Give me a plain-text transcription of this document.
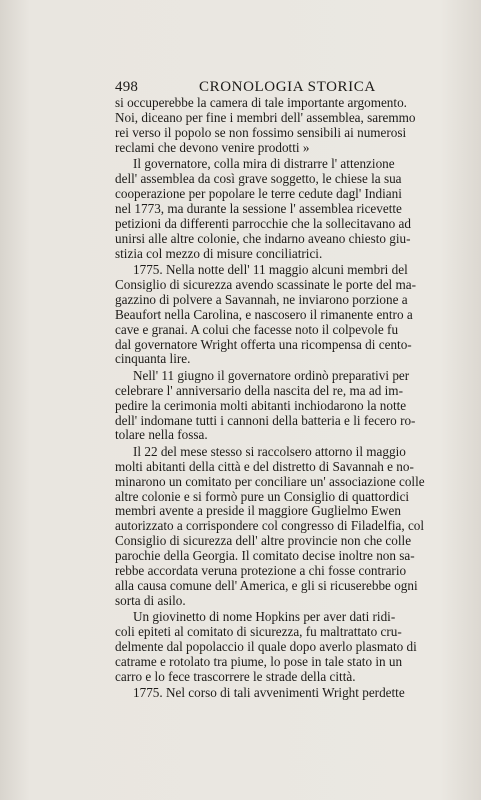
498	CRONOLOGIA STORICA
si occuperebbe la camera di tale importante argomento.
Noi, diceano per fine i membri dell' assemblea, saremmo
rei verso il popolo se non fossimo sensibili ai numerosi
reclami che devono venire prodotti »
Il governatore, colla mira di distrarre l' attenzione
dell' assemblea da così grave soggetto, le chiese la sua
cooperazione per popolare le terre cedute dagl' Indiani
nel 1773, ma durante la sessione l' assemblea ricevette
petizioni da differenti parrocchie che la sollecitavano ad
unirsi alle altre colonie, che indarno aveano chiesto giu-
stizia col mezzo di misure conciliatrici.
1775. Nella notte dell' 11 maggio alcuni membri del
Consiglio di sicurezza avendo scassinate le porte del ma-
gazzino di polvere a Savannah, ne inviarono porzione a
Beaufort nella Carolina, e nascosero il rimanente entro a
cave e granai. A colui che facesse noto il colpevole fu
dal governatore Wright offerta una ricompensa di cento-
cinquanta lire.
Nell' 11 giugno il governatore ordinò preparativi per
celebrare l' anniversario della nascita del re, ma ad im-
pedire la cerimonia molti abitanti inchiodarono la notte
dell' indomane tutti i cannoni della batteria e li fecero ro-
tolare nella fossa.
Il 22 del mese stesso si raccolsero attorno il maggio
molti abitanti della città e del distretto di Savannah e no-
minarono un comitato per conciliare un' associazione colle
altre colonie e si formò pure un Consiglio di quattordici
membri avente a preside il maggiore Guglielmo Ewen
autorizzato a corrispondere col congresso di Filadelfia, col
Consiglio di sicurezza dell' altre provincie non che colle
parochie della Georgia. Il comitato decise inoltre non sa-
rebbe accordata veruna protezione a chi fosse contrario
alla causa comune dell' America, e gli si ricuserebbe ogni
sorta di asilo.
Un giovinetto di nome Hopkins per aver dati ridi-
coli epiteti al comitato di sicurezza, fu maltrattato cru-
delmente dal popolaccio il quale dopo averlo plasmato di
catrame e rotolato tra piume, lo pose in tale stato in un
carro e lo fece trascorrere le strade della città.
1775. Nel corso di tali avvenimenti Wright perdette
